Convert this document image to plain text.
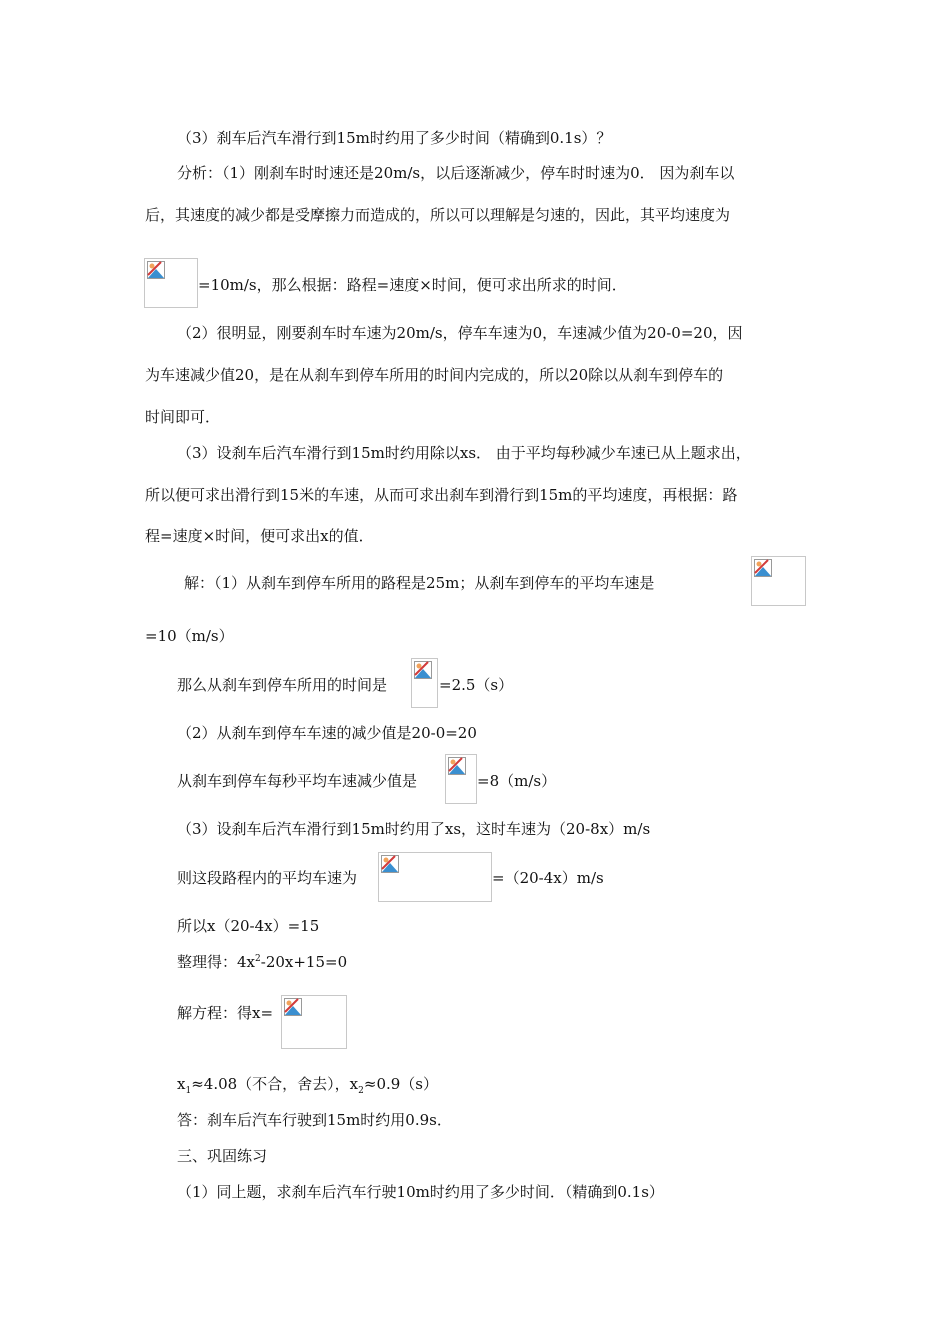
（3）刹车后汽车滑行到15m时约用了多少时间（精确到0.1s）？
分析：（1）刚刹车时时速还是20m/s，以后逐渐减少，停车时时速为0． 因为刹车以
后，其速度的减少都是受摩擦力而造成的，所以可以理解是匀速的，因此，其平均速度为
=10m/s，那么根据：路程=速度×时间，便可求出所求的时间．
（2）很明显，刚要刹车时车速为20m/s，停车车速为0，车速减少值为20-0=20，因
为车速减少值20，是在从刹车到停车所用的时间内完成的，所以20除以从刹车到停车的
时间即可．
（3）设刹车后汽车滑行到15m时约用除以xs． 由于平均每秒减少车速已从上题求出，
所以便可求出滑行到15米的车速，从而可求出刹车到滑行到15m的平均速度，再根据：路
程=速度×时间，便可求出x的值．
解：（1）从刹车到停车所用的路程是25m；从刹车到停车的平均车速是
=10（m/s）
那么从刹车到停车所用的时间是	=2.5（s）
（2）从刹车到停车车速的减少值是20-0=20
从刹车到停车每秒平均车速减少值是	=8（m/s）
（3）设刹车后汽车滑行到15m时约用了xs，这时车速为（20-8x）m/s
则这段路程内的平均车速为	=（20-4x）m/s
所以x（20-4x）=15
整理得：$4x^2-20x+15=0$
解方程：得x=
$x_1\approx 4.08$（不合，舍去），$x_2\approx 0.9(s)$
答：刹车后汽车行驶到15m时约用0.9s．
三、巩固练习
（1）同上题，求刹车后汽车行驶10m时约用了多少时间．（精确到0.1s）
